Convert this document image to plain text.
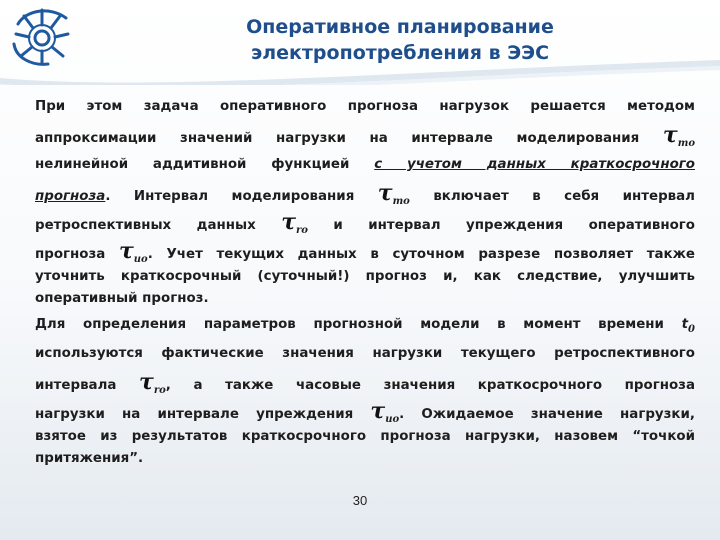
Оперативное планирование
электропотребления в ЭЭС
При этом задача оперативного прогноза нагрузок решается методом
аппроксимации значений нагрузки на интервале моделирования $\tau_{mo}$
нелинейной аддитивной функцией с учетом данных краткосрочного
прогноза. Интервал моделирования $\tau_{mo}$ включает в себя интервал
ретроспективных данных $\tau_{ro}$ и интервал упреждения оперативного
прогноза $\tau_{uo}$. Учет текущих данных в суточном разрезе позволяет также
уточнить краткосрочный (суточный!) прогноз и, как следствие, улучшить
оперативный прогноз.
Для определения параметров прогнозной модели в момент времени $t_0$
используются фактические значения нагрузки текущего ретроспективного
интервала $\tau_{ro}$, а также часовые значения краткосрочного прогноза
нагрузки на интервале упреждения $\tau_{uo}$. Ожидаемое значение нагрузки,
взятое из результатов краткосрочного прогноза нагрузки, назовем “точкой
притяжения”.
30
